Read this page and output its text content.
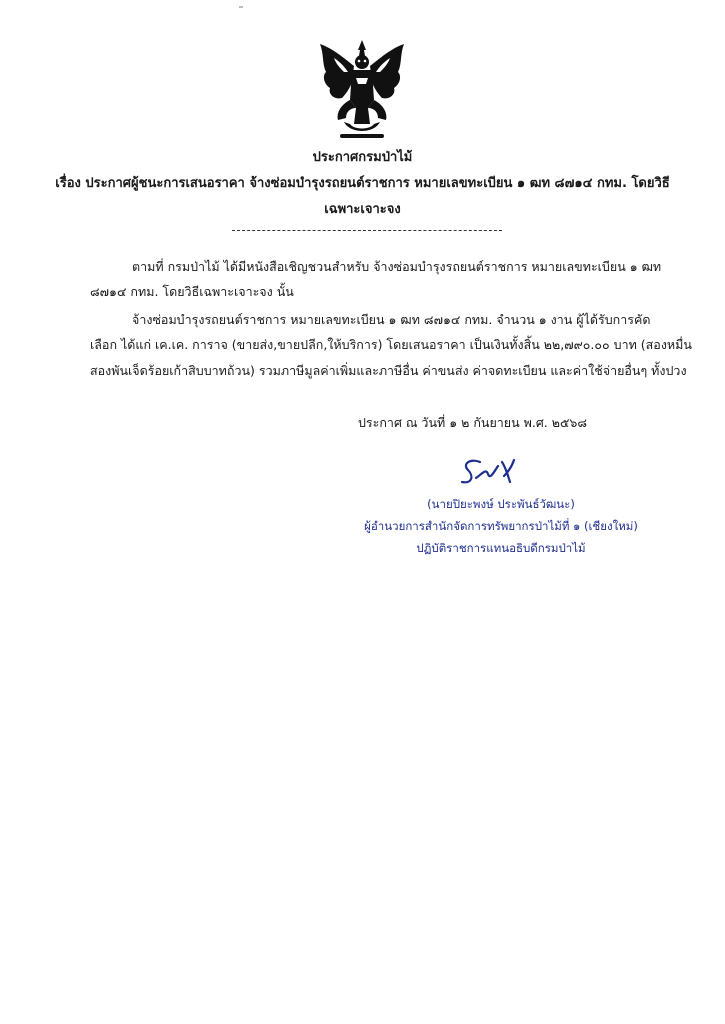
ประกาศกรมป่าไม้
เรื่อง ประกาศผู้ชนะการเสนอราคา จ้างซ่อมบำรุงรถยนต์ราชการ หมายเลขทะเบียน ๑ ฒท ๘๗๑๔ กทม. โดยวิธี
เฉพาะเจาะจง
ตามที่ กรมป่าไม้ ได้มีหนังสือเชิญชวนสำหรับ จ้างซ่อมบำรุงรถยนต์ราชการ หมายเลขทะเบียน ๑ ฒท
๘๗๑๔ กทม. โดยวิธีเฉพาะเจาะจง นั้น
จ้างซ่อมบำรุงรถยนต์ราชการ หมายเลขทะเบียน ๑ ฒท ๘๗๑๔ กทม. จำนวน ๑ งาน ผู้ได้รับการคัด
เลือก ได้แก่ เค.เค. การาจ (ขายส่ง,ขายปลีก,ให้บริการ) โดยเสนอราคา เป็นเงินทั้งสิ้น ๒๒,๗๙๐.๐๐ บาท (สองหมื่น
สองพันเจ็ดร้อยเก้าสิบบาทถ้วน) รวมภาษีมูลค่าเพิ่มและภาษีอื่น ค่าขนส่ง ค่าจดทะเบียน และค่าใช้จ่ายอื่นๆ ทั้งปวง
ประกาศ ณ วันที่ ๑ ๒ กันยายน พ.ศ. ๒๕๖๘
(นายปิยะพงษ์ ประพันธ์วัฒนะ)
ผู้อำนวยการสำนักจัดการทรัพยากรป่าไม้ที่ ๑ (เชียงใหม่)
ปฏิบัติราชการแทนอธิบดีกรมป่าไม้
